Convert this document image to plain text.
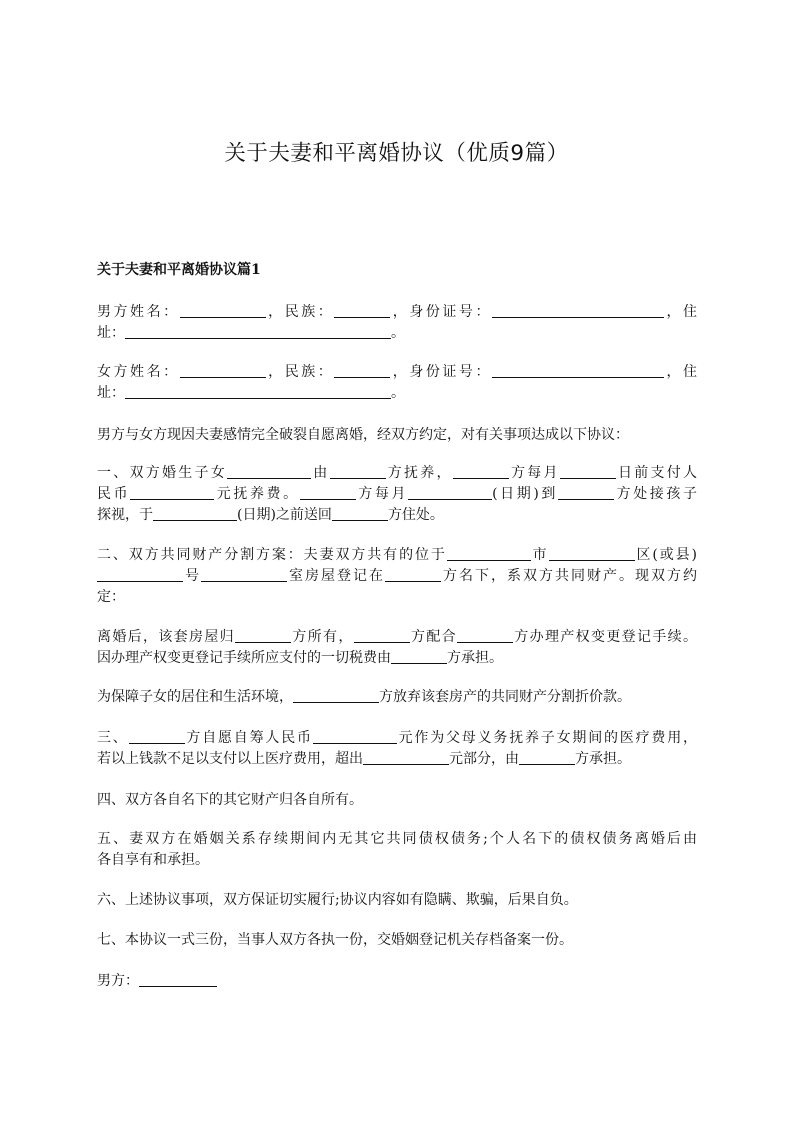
关于夫妻和平离婚协议（优质9篇）
关于夫妻和平离婚协议篇1
男方姓名：	，民族：	，身份证号：	，住
址：	。
女方姓名：	，民族：	，身份证号：	，住
址：	。

男方与女方现因夫妻感情完全破裂自愿离婚，经双方约定，对有关事项达成以下协议：

一、双方婚生子女	由	方抚养，	方每月	日前支付人
民币	元抚养费。	方每月	(日期)到	方处接孩子
探视，于	(日期)之前送回	方住处。
二、双方共同财产分割方案：夫妻双方共有的位于	市	区(或县)
号	室房屋登记在	方名下，系双方共同财产。现双方约
定：
离婚后，该套房屋归	方所有，	方配合	方办理产权变更登记手续。
因办理产权变更登记手续所应支付的一切税费由	方承担。
为保障子女的居住和生活环境，	方放弃该套房产的共同财产分割折价款。
三、	方自愿自筹人民币	元作为父母义务抚养子女期间的医疗费用，
若以上钱款不足以支付以上医疗费用，超出	元部分，由	方承担。

四、双方各自名下的其它财产归各自所有。

五、妻双方在婚姻关系存续期间内无其它共同债权债务;个人名下的债权债务离婚后由
各自享有和承担。

六、上述协议事项，双方保证切实履行;协议内容如有隐瞒、欺骗，后果自负。

七、本协议一式三份，当事人双方各执一份，交婚姻登记机关存档备案一份。

男方：
